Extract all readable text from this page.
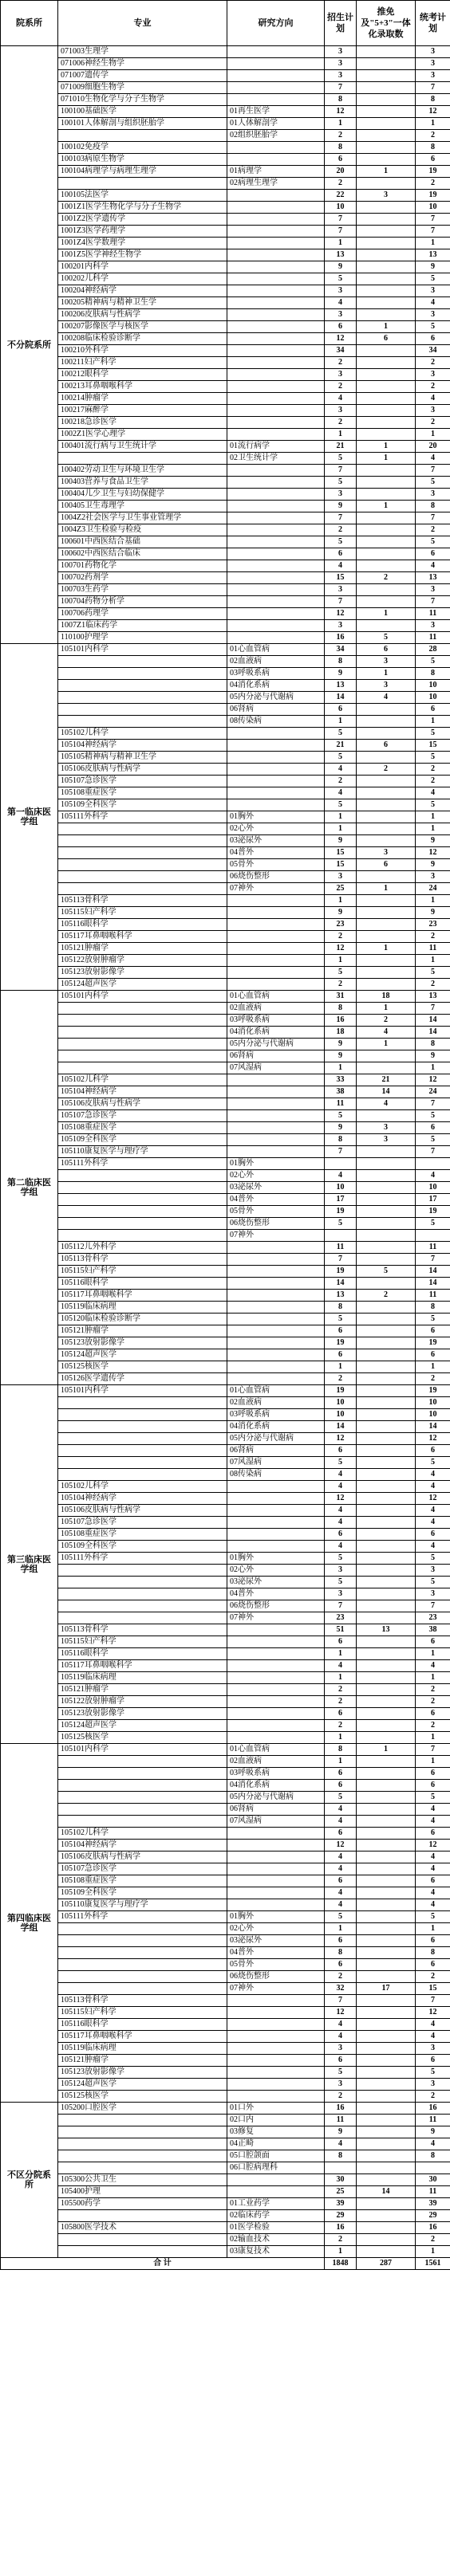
院系所	专业	研究方向	招生计划	推免及"5+3"一体化录取数	统考计划
不分院系所	071003生理学		3		3
	071006神经生物学		3		3
	071007遗传学		3		3
	071009细胞生物学		7		7
	071010生物化学与分子生物学		8		8
	100100基础医学	01再生医学	12		12
	100101人体解剖与组织胚胎学	01人体解剖学	1		1
		02组织胚胎学	2		2
	100102免疫学		8		8
	100103病原生物学		6		6
	100104病理学与病理生理学	01病理学	20	1	19
		02病理生理学	2		2
	100105法医学		22	3	19
	1001Z1医学生物化学与分子生物学		10		10
	1001Z2医学遗传学		7		7
	1001Z3医学药理学		7		7
	1001Z4医学数理学		1		1
	1001Z5医学神经生物学		13		13
	100201内科学		9		9
	100202儿科学		5		5
	100204神经病学		3		3
	100205精神病与精神卫生学		4		4
	100206皮肤病与性病学		3		3
	100207影像医学与核医学		6	1	5
	100208临床检验诊断学		12	6	6
	100210外科学		34		34
	100211妇产科学		2		2
	100212眼科学		3		3
	100213耳鼻咽喉科学		2		2
	100214肿瘤学		4		4
	100217麻醉学		3		3
	100218急诊医学		2		2
	1002Z1医学心理学		1		1
	100401流行病与卫生统计学	01流行病学	21	1	20
		02卫生统计学	5	1	4
	100402劳动卫生与环境卫生学		7		7
	100403营养与食品卫生学		5		5
	100404儿少卫生与妇幼保健学		3		3
	100405卫生毒理学		9	1	8
	1004Z2社会医学与卫生事业管理学		7		7
	1004Z3卫生检验与检疫		2		2
	100601中西医结合基础		5		5
	100602中西医结合临床		6		6
	100701药物化学		4		4
	100702药剂学		15	2	13
	100703生药学		3		3
	100704药物分析学		7		7
	100706药理学		12	1	11
	1007Z1临床药学		3		3
	110100护理学		16	5	11
第一临床医学组	105101内科学	01心血管病	34	6	28
		02血液病	8	3	5
		03呼吸系病	9	1	8
		04消化系病	13	3	10
		05内分泌与代谢病	14	4	10
		06肾病	6		6
		08传染病	1		1
	105102儿科学		5		5
	105104神经病学		21	6	15
	105105精神病与精神卫生学		5		5
	105106皮肤病与性病学		4	2	2
	105107急诊医学		2		2
	105108重症医学		4		4
	105109全科医学		5		5
	105111外科学	01胸外	1		1
		02心外	1		1
		03泌尿外	9		9
		04普外	15	3	12
		05骨外	15	6	9
		06烧伤整形	3		3
		07神外	25	1	24
	105113骨科学		1		1
	105115妇产科学		9		9
	105116眼科学		23		23
	105117耳鼻咽喉科学		2		2
	105121肿瘤学		12	1	11
	105122放射肿瘤学		1		1
	105123放射影像学		5		5
	105124超声医学		2		2
第二临床医学组	105101内科学	01心血管病	31	18	13
		02血液病	8	1	7
		03呼吸系病	16	2	14
		04消化系病	18	4	14
		05内分泌与代谢病	9	1	8
		06肾病	9		9
		07风湿病	1		1
	105102儿科学		33	21	12
	105104神经病学		38	14	24
	105106皮肤病与性病学		11	4	7
	105107急诊医学		5		5
	105108重症医学		9	3	6
	105109全科医学		8	3	5
	105110康复医学与理疗学		7		7
	105111外科学	01胸外			
		02心外	4		4
		03泌尿外	10		10
		04普外	17		17
		05骨外	19		19
		06烧伤整形	5		5
		07神外			
	105112儿外科学		11		11
	105113骨科学		7		7
	105115妇产科学		19	5	14
	105116眼科学		14		14
	105117耳鼻咽喉科学		13	2	11
	105119临床病理		8		8
	105120临床检验诊断学		5		5
	105121肿瘤学		6		6
	105123放射影像学		19		19
	105124超声医学		6		6
	105125核医学		1		1
	105126医学遗传学		2		2
第三临床医学组	105101内科学	01心血管病	19		19
		02血液病	10		10
		03呼吸系病	10		10
		04消化系病	14		14
		05内分泌与代谢病	12		12
		06肾病	6		6
		07风湿病	5		5
		08传染病	4		4
	105102儿科学		4		4
	105104神经病学		12		12
	105106皮肤病与性病学		4		4
	105107急诊医学		4		4
	105108重症医学		6		6
	105109全科医学		4		4
	105111外科学	01胸外	5		5
		02心外	3		3
		03泌尿外	5		5
		04普外	3		3
		06烧伤整形	7		7
		07神外	23		23
	105113骨科学		51	13	38
	105115妇产科学		6		6
	105116眼科学		1		1
	105117耳鼻咽喉科学		4		4
	105119临床病理		1		1
	105121肿瘤学		2		2
	105122放射肿瘤学		2		2
	105123放射影像学		6		6
	105124超声医学		2		2
	105125核医学		1		1
第四临床医学组	105101内科学	01心血管病	8	1	7
		02血液病	1		1
		03呼吸系病	6		6
		04消化系病	6		6
		05内分泌与代谢病	5		5
		06肾病	4		4
		07风湿病	4		4
	105102儿科学		6		6
	105104神经病学		12		12
	105106皮肤病与性病学		4		4
	105107急诊医学		4		4
	105108重症医学		6		6
	105109全科医学		4		4
	105110康复医学与理疗学		4		4
	105111外科学	01胸外	5		5
		02心外	1		1
		03泌尿外	6		6
		04普外	8		8
		05骨外	6		6
		06烧伤整形	2		2
		07神外	32	17	15
	105113骨科学		7		7
	105115妇产科学		12		12
	105116眼科学		4		4
	105117耳鼻咽喉科学		4		4
	105119临床病理		3		3
	105121肿瘤学		6		6
	105123放射影像学		5		5
	105124超声医学		3		3
	105125核医学		2		2
不区分院系所	105200口腔医学	01口外	16		16
		02口内	11		11
		03修复	9		9
		04正畸	4		4
		05口腔颌面	8		8
		06口腔病理科			
	105300公共卫生		30		30
	105400护理		25	14	11
	105500药学	01工业药学	39		39
		02临床药学	29		29
	105800医学技术	01医学检验	16		16
		02输血技术	2		2
		03康复技术	1		1
合 计			1848	287	1561
